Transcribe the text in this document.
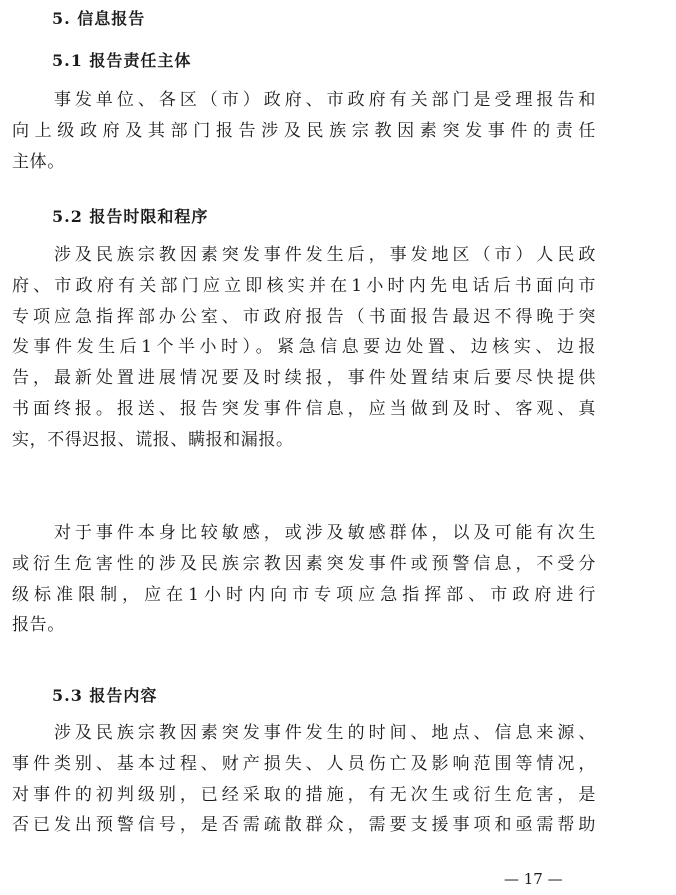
5. 信息报告
5.1 报告责任主体
　　事发单位、各区（市）政府、市政府有关部门是受理报告和
向上级政府及其部门报告涉及民族宗教因素突发事件的责任
主体。
5.2 报告时限和程序
　　涉及民族宗教因素突发事件发生后，事发地区（市）人民政
府、市政府有关部门应立即核实并在1小时内先电话后书面向市
专项应急指挥部办公室、市政府报告（书面报告最迟不得晚于突
发事件发生后1个半小时）。紧急信息要边处置、边核实、边报
告，最新处置进展情况要及时续报，事件处置结束后要尽快提供
书面终报。报送、报告突发事件信息，应当做到及时、客观、真
实，不得迟报、谎报、瞒报和漏报。
　　对于事件本身比较敏感，或涉及敏感群体，以及可能有次生
或衍生危害性的涉及民族宗教因素突发事件或预警信息，不受分
级标准限制，应在1小时内向市专项应急指挥部、市政府进行
报告。
5.3 报告内容
　　涉及民族宗教因素突发事件发生的时间、地点、信息来源、
事件类别、基本过程、财产损失、人员伤亡及影响范围等情况，
对事件的初判级别，已经采取的措施，有无次生或衍生危害，是
否已发出预警信号，是否需疏散群众，需要支援事项和亟需帮助
— 17 —
